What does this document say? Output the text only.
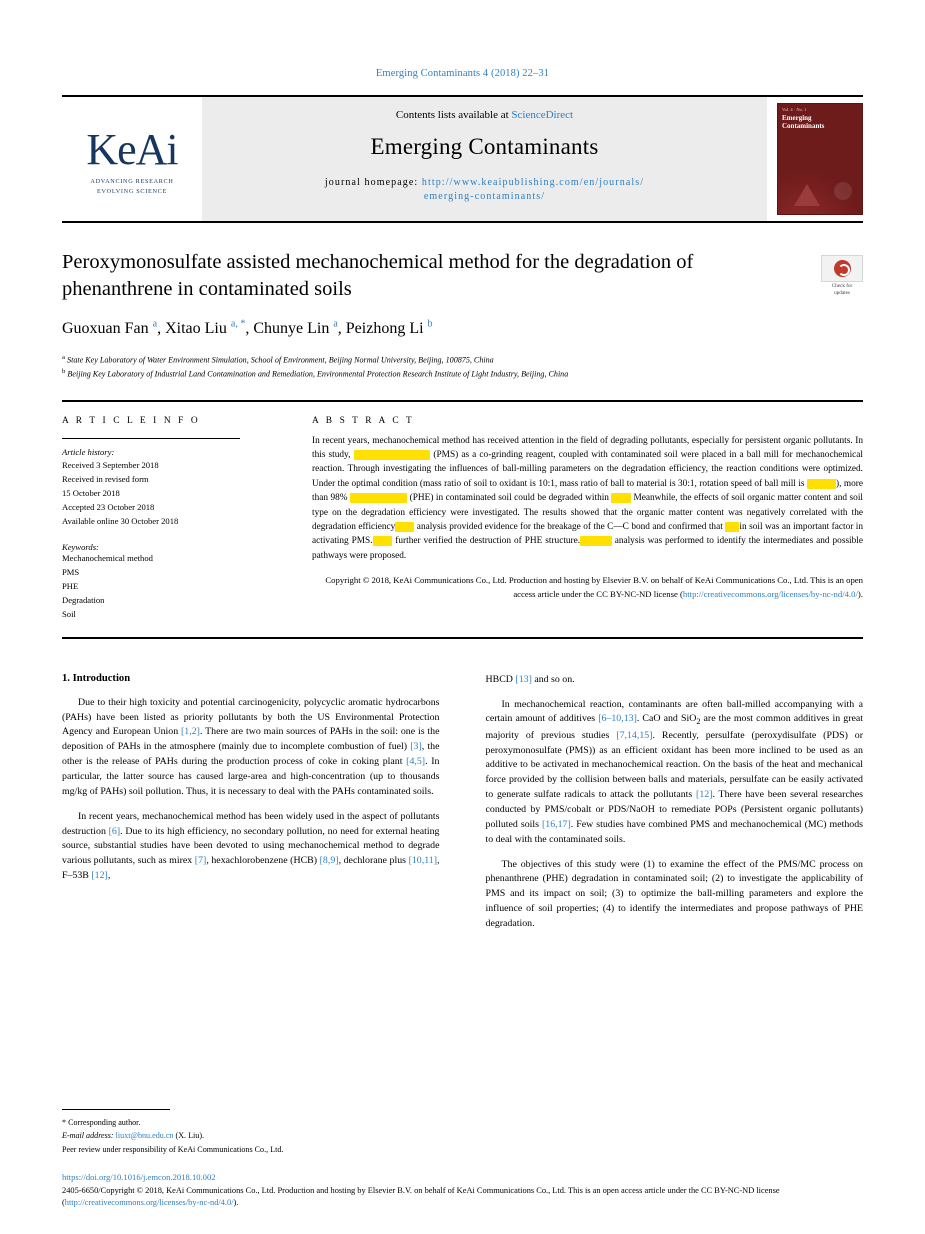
Emerging Contaminants 4 (2018) 22–31
KeAi
ADVANCING RESEARCH
EVOLVING SCIENCE
Contents lists available at ScienceDirect
Emerging Contaminants
journal homepage: http://www.keaipublishing.com/en/journals/
emerging-contaminants/
Vol. 4 · No. 1
Emerging
Contaminants
Peroxymonosulfate assisted mechanochemical method for the degradation of phenanthrene in contaminated soils	Check for
updates
Guoxuan Fan $^a$, Xitao Liu $^{a, *}$, Chunye Lin $^a$, Peizhong Li $^b$
$^a$ State Key Laboratory of Water Environment Simulation, School of Environment, Beijing Normal University, Beijing, 100875, China
$^b$ Beijing Key Laboratory of Industrial Land Contamination and Remediation, Environmental Protection Research Institute of Light Industry, Beijing, China
A R T I C L E I N F O
Article history:
Received 3 September 2018
Received in revised form
15 October 2018
Accepted 23 October 2018
Available online 30 October 2018
Keywords:
Mechanochemical method
PMS
PHE
Degradation
Soil
A B S T R A C T
In recent years, mechanochemical method has received attention in the field of degrading pollutants, especially for persistent organic pollutants. In this study,	(PMS) as a co-grinding reagent, coupled with contaminated soil were placed in a ball mill for mechanochemical reaction. Through investigating the influences of ball-milling parameters on the degradation efficiency, the reaction conditions were optimized. Under the optimal condition (mass ratio of soil to oxidant is 10:1, mass ratio of ball to material is 30:1, rotation speed of ball mill is	), more than 98%	(PHE) in contaminated soil could be degraded within         Meanwhile, the effects of soil organic matter content and soil type on the degradation efficiency were investigated. The results showed that the organic matter content was negatively correlated with the degradation efficiency        analysis provided evidence for the breakage of the C—C bond and confirmed that      in soil was an important factor in activating PMS.       further verified the destruction of PHE structure.	analysis was performed to identify the intermediates and possible pathways were proposed.
Copyright © 2018, KeAi Communications Co., Ltd. Production and hosting by Elsevier B.V. on behalf of KeAi Communications Co., Ltd. This is an open access article under the CC BY-NC-ND license (http://creativecommons.org/licenses/by-nc-nd/4.0/).
1. Introduction

Due to their high toxicity and potential carcinogenicity, polycyclic aromatic hydrocarbons (PAHs) have been listed as priority pollutants by both the US Environmental Protection Agency and European Union [1,2]. There are two main sources of PAHs in the soil: one is the deposition of PAHs in the atmosphere (mainly due to incomplete combustion of fuel) [3], the other is the release of PAHs during the production process of coke in coking plant [4,5]. In particular, the latter source has caused large-area and high-concentration (up to thousands mg/kg of PAHs) soil pollution. Thus, it is necessary to deal with the PAHs contaminated soils.

In recent years, mechanochemical method has been widely used in the aspect of pollutants destruction [6]. Due to its high efficiency, no secondary pollution, no need for external heating source, substantial studies have been devoted to using mechanochemical method to degrade various pollutants, such as mirex [7], hexachlorobenzene (HCB) [8,9], dechlorane plus [10,11], F–53B [12],

HBCD [13] and so on.

In mechanochemical reaction, contaminants are often ball-milled accompanying with a certain amount of additives [6–10,13]. CaO and SiO$_2$ are the most common additives in great majority of previous studies [7,14,15]. Recently, persulfate (peroxydisulfate (PDS) or peroxymonosulfate (PMS)) as an efficient oxidant has been more inclined to be used as an additive to be activated in mechanochemical reaction. On the basis of the heat and mechanical force provided by the collision between balls and materials, persulfate can be easily activated to generate sulfate radicals to attack the pollutants [12]. There have been several researches conducted by PMS/cobalt or PDS/NaOH to remediate POPs (Persistent organic pollutants) polluted soils [16,17]. Few studies have combined PMS and mechanochemical (MC) methods to deal with the contaminated soils.

The objectives of this study were (1) to examine the effect of the PMS/MC process on phenanthrene (PHE) degradation in contaminated soil; (2) to investigate the applicability of PMS and its impact on soil; (3) to optimize the ball-milling parameters and explore the influence of soil properties; (4) to identify the intermediates and propose pathways of PHE degradation.

* Corresponding author.
E-mail address: liuxt@bnu.edu.cn (X. Liu).
Peer review under responsibility of KeAi Communications Co., Ltd.
https://doi.org/10.1016/j.emcon.2018.10.002
2405-6650/Copyright © 2018, KeAi Communications Co., Ltd. Production and hosting by Elsevier B.V. on behalf of KeAi Communications Co., Ltd. This is an open access article under the CC BY-NC-ND license (http://creativecommons.org/licenses/by-nc-nd/4.0/).
